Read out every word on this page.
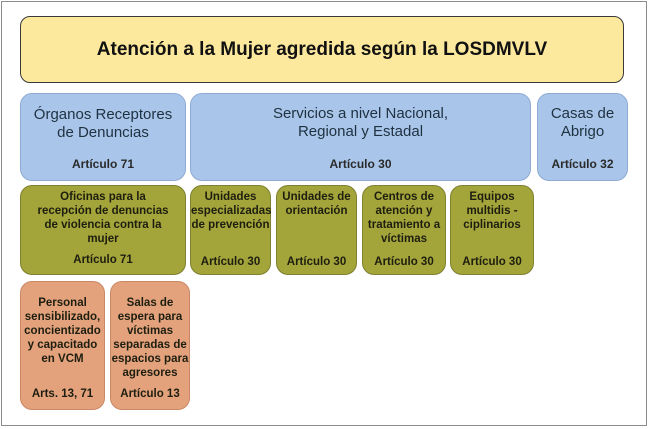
Atención a la Mujer agredida según la LOSDMVLV
Órganos Receptores
de Denuncias
Artículo 71
Servicios a nivel Nacional,
Regional y Estadal
Artículo 30
Casas de
Abrigo
Artículo 32
Oficinas para la
recepción de denuncias
de violencia contra la
mujer
Artículo 71
Unidades
especializadas
de prevención
Artículo 30
Unidades de
orientación
Artículo 30
Centros de
atención y
tratamiento a
víctimas
Artículo 30
Equipos
multidis -
ciplinarios
Artículo 30
Personal
sensibilizado,
concientizado
y capacitado
en VCM
Arts. 13, 71
Salas de
espera para
víctimas
separadas de
espacios para
agresores
Artículo 13
